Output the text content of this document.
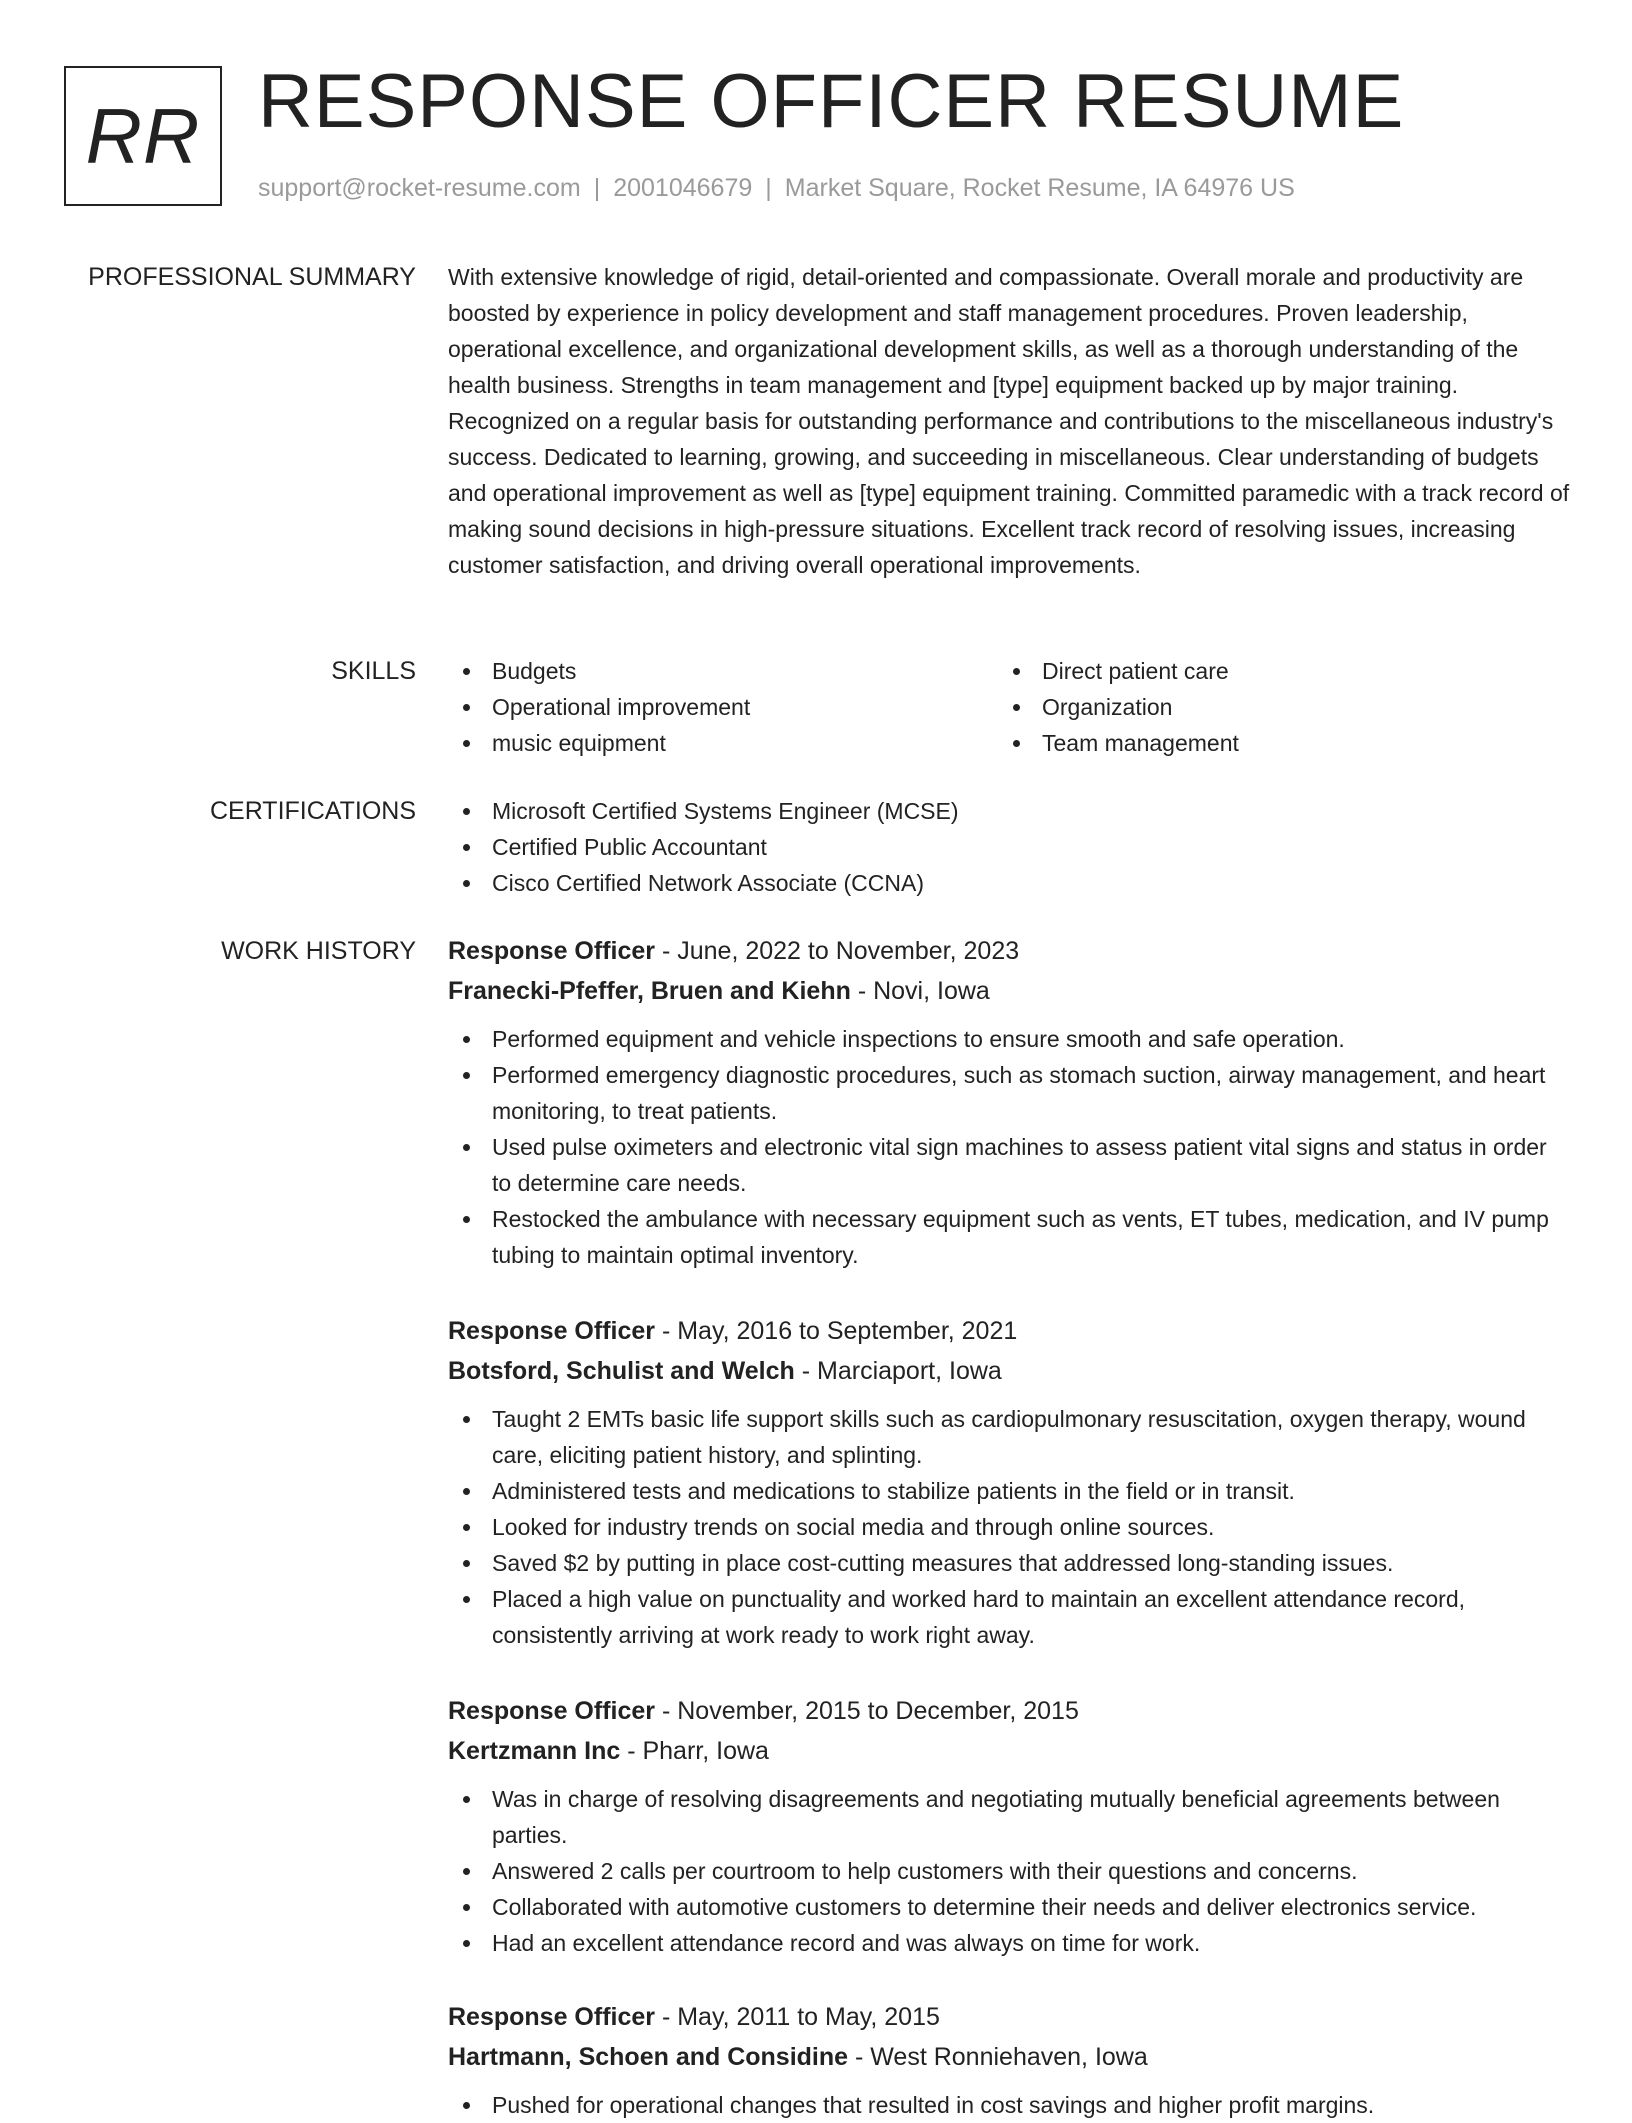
RR RESPONSE OFFICER RESUME
support@rocket-resume.com | 2001046679 | Market Square, Rocket Resume, IA 64976 US
PROFESSIONAL SUMMARY With extensive knowledge of rigid, detail-oriented and compassionate. Overall morale and productivity are boosted by experience in policy development and staff management procedures. Proven leadership, operational excellence, and organizational development skills, as well as a thorough understanding of the health business. Strengths in team management and [type] equipment backed up by major training. Recognized on a regular basis for outstanding performance and contributions to the miscellaneous industry's success. Dedicated to learning, growing, and succeeding in miscellaneous. Clear understanding of budgets and operational improvement as well as [type] equipment training. Committed paramedic with a track record of making sound decisions in high-pressure situations. Excellent track record of resolving issues, increasing customer satisfaction, and driving overall operational improvements.

SKILLS	Budgets
Operational improvement
music equipment
Direct patient care
Organization
Team management
CERTIFICATIONS	Microsoft Certified Systems Engineer (MCSE)
Certified Public Accountant
Cisco Certified Network Associate (CCNA)
WORK HISTORY Response Officer - June, 2022 to November, 2023
Franecki-Pfeffer, Bruen and Kiehn - Novi, Iowa
Performed equipment and vehicle inspections to ensure smooth and safe operation.
Performed emergency diagnostic procedures, such as stomach suction, airway management, and heart monitoring, to treat patients.
Used pulse oximeters and electronic vital sign machines to assess patient vital signs and status in order to determine care needs.
Restocked the ambulance with necessary equipment such as vents, ET tubes, medication, and IV pump tubing to maintain optimal inventory.
Response Officer - May, 2016 to September, 2021
Botsford, Schulist and Welch - Marciaport, Iowa
Taught 2 EMTs basic life support skills such as cardiopulmonary resuscitation, oxygen therapy, wound care, eliciting patient history, and splinting.
Administered tests and medications to stabilize patients in the field or in transit.
Looked for industry trends on social media and through online sources.
Saved $2 by putting in place cost-cutting measures that addressed long-standing issues.
Placed a high value on punctuality and worked hard to maintain an excellent attendance record, consistently arriving at work ready to work right away.
Response Officer - November, 2015 to December, 2015
Kertzmann Inc - Pharr, Iowa
Was in charge of resolving disagreements and negotiating mutually beneficial agreements between parties.
Answered 2 calls per courtroom to help customers with their questions and concerns.
Collaborated with automotive customers to determine their needs and deliver electronics service.
Had an excellent attendance record and was always on time for work.
Response Officer - May, 2011 to May, 2015
Hartmann, Schoen and Considine - West Ronniehaven, Iowa
Pushed for operational changes that resulted in cost savings and higher profit margins.
